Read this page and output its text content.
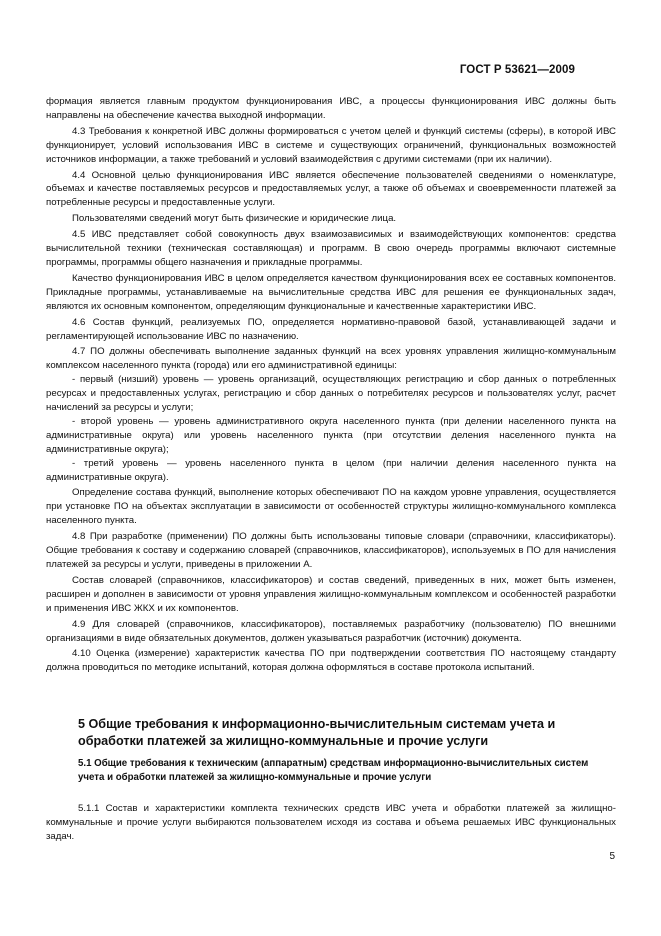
ГОСТ Р 53621—2009

формация является главным продуктом функционирования ИВС, а процессы функционирования ИВС должны быть направлены на обеспечение качества выходной информации.

4.3 Требования к конкретной ИВС должны формироваться с учетом целей и функций системы (сферы), в которой ИВС функционирует, условий использования ИВС в системе и существующих ограничений, функциональных возможностей источников информации, а также требований и условий взаимодействия с другими системами (при их наличии).

4.4 Основной целью функционирования ИВС является обеспечение пользователей сведениями о номенклатуре, объемах и качестве поставляемых ресурсов и предоставляемых услуг, а также об объемах и своевременности платежей за потребленные ресурсы и предоставленные услуги.

Пользователями сведений могут быть физические и юридические лица.

4.5 ИВС представляет собой совокупность двух взаимозависимых и взаимодействующих компонентов: средства вычислительной техники (техническая составляющая) и программ. В свою очередь программы включают системные программы, программы общего назначения и прикладные программы.

Качество функционирования ИВС в целом определяется качеством функционирования всех ее составных компонентов. Прикладные программы, устанавливаемые на вычислительные средства ИВС для решения ее функциональных задач, являются их основным компонентом, определяющим функциональные и качественные характеристики ИВС.

4.6 Состав функций, реализуемых ПО, определяется нормативно-правовой базой, устанавливающей задачи и регламентирующей использование ИВС по назначению.

4.7 ПО должны обеспечивать выполнение заданных функций на всех уровнях управления жилищно-коммунальным комплексом населенного пункта (города) или его административной единицы:

- первый (низший) уровень — уровень организаций, осуществляющих регистрацию и сбор данных о потребленных ресурсах и предоставленных услугах, регистрацию и сбор данных о потребителях ресурсов и пользователях услуг, расчет начислений за ресурсы и услуги;

- второй уровень — уровень административного округа населенного пункта (при делении населенного пункта на административные округа) или уровень населенного пункта (при отсутствии деления населенного пункта на административные округа);

- третий уровень — уровень населенного пункта в целом (при наличии деления населенного пункта на административные округа).

Определение состава функций, выполнение которых обеспечивают ПО на каждом уровне управления, осуществляется при установке ПО на объектах эксплуатации в зависимости от особенностей структуры жилищно-коммунального комплекса населенного пункта.

4.8 При разработке (применении) ПО должны быть использованы типовые словари (справочники, классификаторы). Общие требования к составу и содержанию словарей (справочников, классификаторов), используемых в ПО для начисления платежей за ресурсы и услуги, приведены в приложении А.

Состав словарей (справочников, классификаторов) и состав сведений, приведенных в них, может быть изменен, расширен и дополнен в зависимости от уровня управления жилищно-коммунальным комплексом и особенностей разработки и применения ИВС ЖКХ и их компонентов.

4.9 Для словарей (справочников, классификаторов), поставляемых разработчику (пользователю) ПО внешними организациями в виде обязательных документов, должен указываться разработчик (источник) документа.

4.10 Оценка (измерение) характеристик качества ПО при подтверждении соответствия ПО настоящему стандарту должна проводиться по методике испытаний, которая должна оформляться в составе протокола испытаний.

5 Общие требования к информационно-вычислительным системам учета и обработки платежей за жилищно-коммунальные и прочие услуги
5.1 Общие требования к техническим (аппаратным) средствам информационно-вычислительных систем учета и обработки платежей за жилищно-коммунальные и прочие услуги

5.1.1 Состав и характеристики комплекта технических средств ИВС учета и обработки платежей за жилищно-коммунальные и прочие услуги выбираются пользователем исходя из состава и объема решаемых ИВС функциональных задач.

5
